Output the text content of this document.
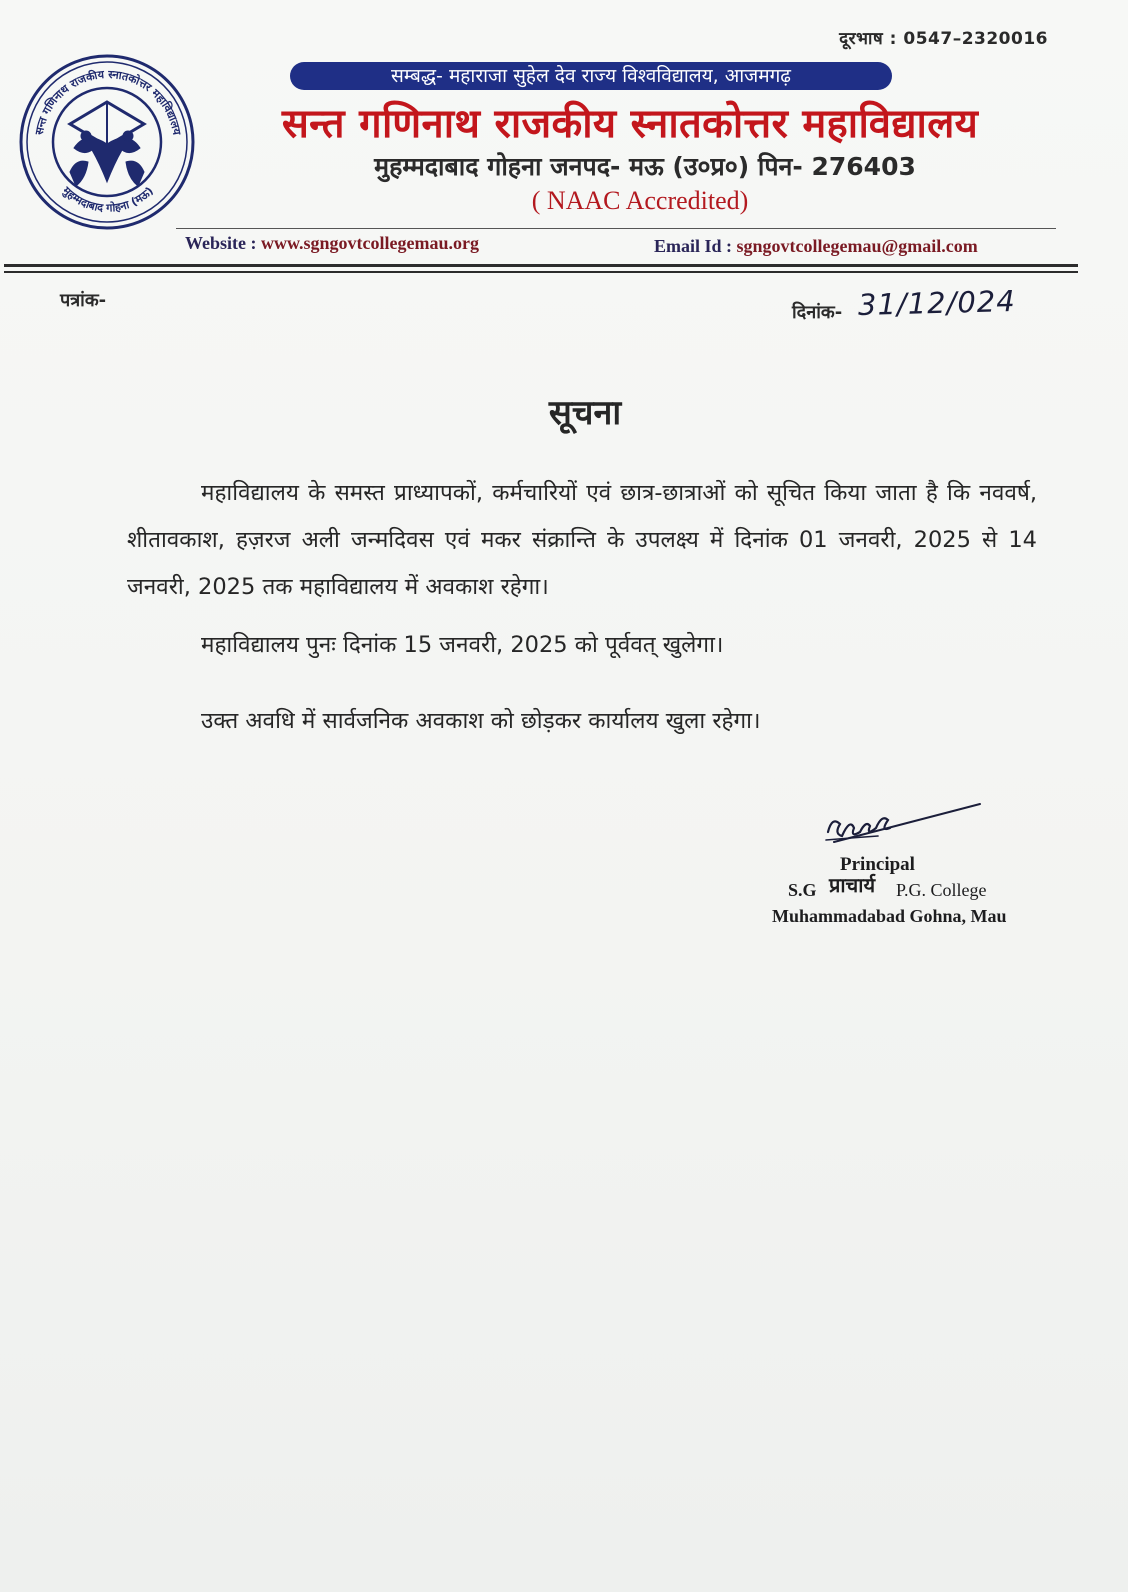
दूरभाष : 0547–2320016
सन्त गणिनाथ राजकीय स्नातकोत्तर महाविद्यालय
मुहम्मदाबाद गोहना (मऊ)
सम्बद्ध- महाराजा सुहेल देव राज्य विश्वविद्यालय, आजमगढ़
सन्त गणिनाथ राजकीय स्नातकोत्तर महाविद्यालय
मुहम्मदाबाद गोहना जनपद- मऊ (उ०प्र०) पिन- 276403
( NAAC Accredited)
Website : www.sgngovtcollegemau.org	Email Id : sgngovtcollegemau@gmail.com
पत्रांक-
दिनांक- 31/12/024
सूचना
महाविद्यालय के समस्त प्राध्यापकों, कर्मचारियों एवं छात्र-छात्राओं को सूचित किया जाता है कि नववर्ष, शीतावकाश, हज़रज अली जन्मदिवस एवं मकर संक्रान्ति के उपलक्ष्य में दिनांक 01 जनवरी, 2025 से 14 जनवरी, 2025 तक महाविद्यालय में अवकाश रहेगा।
महाविद्यालय पुनः दिनांक 15 जनवरी, 2025 को पूर्ववत् खुलेगा।
उक्त अवधि में सार्वजनिक अवकाश को छोड़कर कार्यालय खुला रहेगा।
Principal
S.G प्राचार्य P.G. College
Muhammadabad Gohna, Mau
